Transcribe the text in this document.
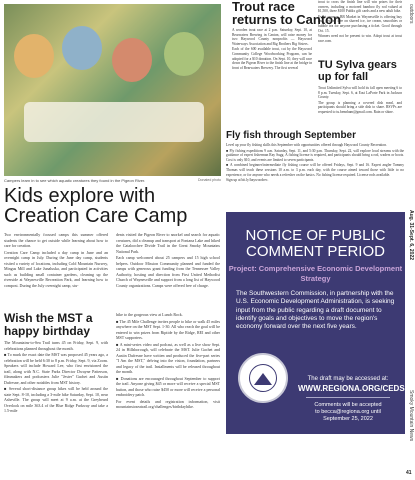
Campers learn in to see which aquatic creatures they found in the Pigeon River.	Donated photo
Kids explore with Creation Care Camp

Two environmentally focused camps this summer offered students the chance to get outside while learning about how to care for creation.

Creation Care Camp included a day camp in June and an overnight camp in July. During the June day camp, students visited a variety of locations, including Cold Mountain Nursery, Mingus Mill and Lake Junaluska, and participated in activities such as building small container gardens, cleaning up the riverside at Waynesville Recreation Park, and learning how to compost. During the July overnight camp, stu-

dents visited the Pigeon River to snorkel and search for aquatic creatures, did a cleanup and transport at Fontana Lake and hiked the Cataloochee Divide Trail in the Great Smoky Mountains National Park.

Each camp welcomed about 25 campers and 15 high school helpers. Outdoor Mission Community planned and funded the camps with generous grant funding from the Tennessee Valley Authority, hosting and direction from First United Methodist Church of Waynesville and support from a long list of Haywood County organizations. Camps were offered free of charge.

Wish the MST a happy birthday

The Mountains-to-Sea Trail turns 45 on Friday, Sept. 9, with celebrations planned throughout the month.

■ To mark the exact date the MST was proposed 45 years ago, a celebration will be held 6:30 to 8 p.m. Friday, Sept. 9, via Zoom. Speakers will include Howard Lee, who first envisioned the trail, along with N.C. State Parks Director Dwayne Patterson, filmmakers and podcasters Julie "Jester" Gachet and Austin Dufresne, and other notables from MST history.

■ Several short-distance group hikes will be held around the state Sept. 8-10, including a 3-mile hike Saturday, Sept. 10, near Asheville. The group will meet at 9 a.m. at the Greybeard Overlook on mile 363.4 of the Blue Ridge Parkway and take a 1.5-mile

hike to the gorgeous view at Lunch Rock.

■ The 45 Mile Challenge invites people to hike or walk 45 miles anywhere on the MST Sept. 1-30. All who reach the goal will be entered to win prizes from Riptide by the Ridge, REI and other MST supporters.

■ A mini-series video and podcast, as well as a live show Sept. 24 in Hillsborough, will celebrate the MST. Julie Gachet and Austin Dufresne have written and produced the five-part series "I Am the MST," delving into the vision, foundation, partners and legacy of the trail. Installments will be released throughout the month.

■ Donations are encouraged throughout September to support the trail. Anyone giving $45 or more will receive a special MST button, and those who raise $450 or more will receive a personal embroidery patch.

For event details and registration information, visit mountainstoseatrail.org/challenges/birthdayhike.

Trout race returns to Canton

A wooden trout race at 2 p.m. Saturday, Sept. 10, at Bearwaters Brewing in Canton, will raise money for two Haywood County nonprofits — Haywood Waterways Association and Big Brothers Big Sisters.

Each of the 600 available trout, cut by the Haywood Community College Woodworking Program, can be adopted for a $10 donation. On Sept. 10, they will race down the Pigeon River to the finish line at the bridge in front of Bearwaters Brewery. The first several

trout to cross the finish line will win prizes for their owners, including a motored bamboo fly rod valued at $1,500, three $100 Publix gift cards and a new adult bike.

Event sponsor BB Market in Waynesville is offering buy one, get one free on shaved ice, ice cream, smoothies or bubble tea for anyone purchasing a ticket. Good through Oct. 15.

Winners need not be present to win. Adopt trout at trout race.com.

TU Sylva gears up for fall

Trout Unlimited Sylva will hold its fall open meeting 6 to 8 p.m. Tuesday, Sept. 6, at East LaPorte Park in Jackson County.

The group is planning a covered dish meal, and participants should bring a side dish to share. RSVPs are requested to tu.bennham@gmail.com. Rain or shine.

Fly fish through September

Level up your fly fishing skills this September with opportunities offered through Haywood County Recreation.

■ Fly fishing expeditions 9 a.m. Saturday, Sept. 11, and 5:30 p.m. Thursday, Sept. 22, will explore local streams with the guidance of expert fisherman Ray Sugg. A fishing license is required, and participants should bring a rod, waders or boots. Cost is only $10, and events are limited to seven participants.

■ A combined beginner/intermediate fly fishing course will be offered Fridays, Sept. 9 and 16. Expert angler Tommy Thomas will teach these sessions 10 a.m. to 3 p.m. each day, with the course aimed toward those with little to no experience, or for anyone who needs a refresher on the basics. No fishing license required. License rods available.

Sign up at bit.ly/haywoodrec.

NOTICE OF PUBLIC COMMENT PERIOD
Project: Comprehensive Economic Development Strategy
The Southwestern Commission, in partnership with the U.S. Economic Development Administration, is seeking input from the public regarding a draft document to identify goals and objectives to move the region's economy forward over the next five years.
The draft may be accessed at:
WWW.REGIONA.ORG/CEDS
Comments will be accepted
to becca@regiona.org until
September 25, 2022
outdoors
Aug. 31-Sept. 6, 2022
Smoky Mountain News
41
